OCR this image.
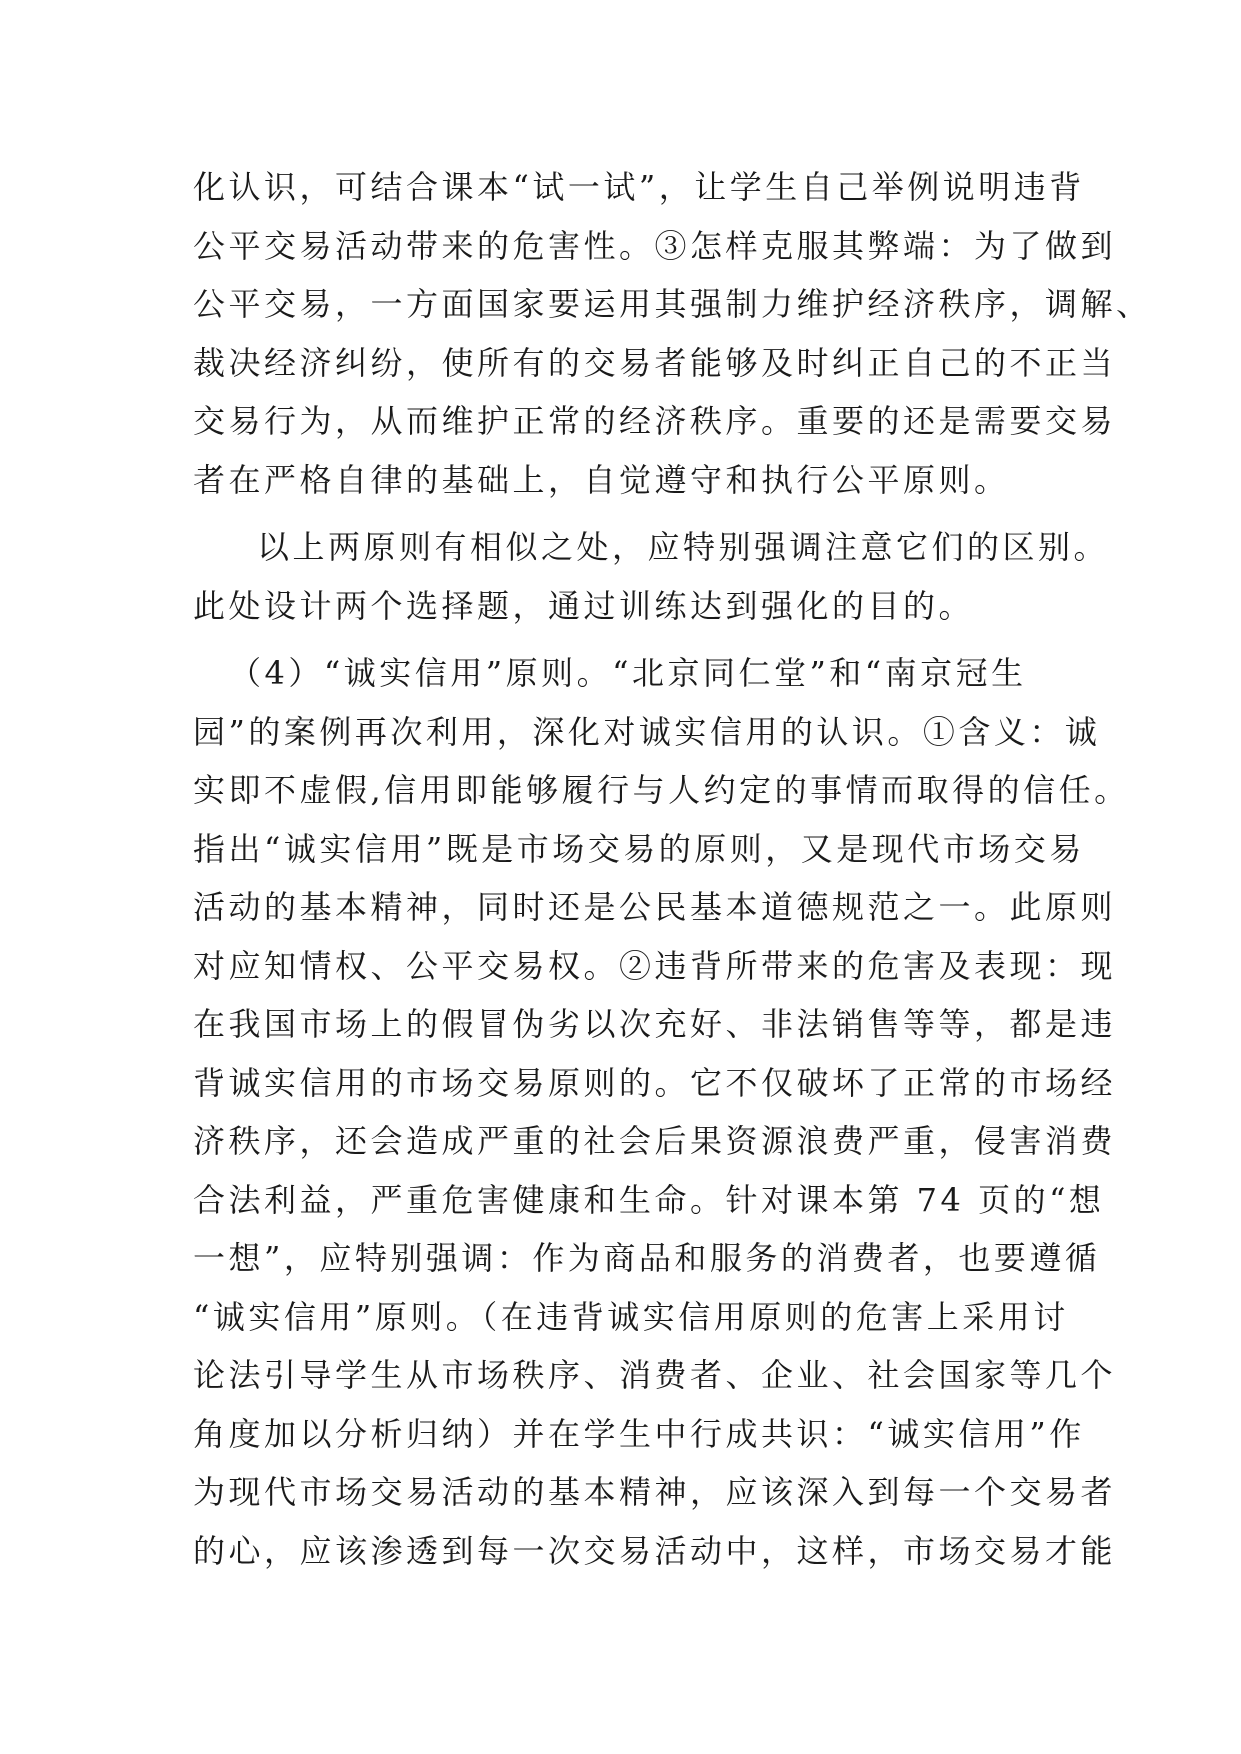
化认识，可结合课本“试一试”，让学生自己举例说明违背
公平交易活动带来的危害性。③怎样克服其弊端：为了做到
公平交易，一方面国家要运用其强制力维护经济秩序，调解、
裁决经济纠纷，使所有的交易者能够及时纠正自己的不正当
交易行为，从而维护正常的经济秩序。重要的还是需要交易
者在严格自律的基础上，自觉遵守和执行公平原则。
以上两原则有相似之处，应特别强调注意它们的区别。
此处设计两个选择题，通过训练达到强化的目的。
（4）“诚实信用”原则。“北京同仁堂”和“南京冠生
园”的案例再次利用，深化对诚实信用的认识。①含义：诚
实即不虚假,信用即能够履行与人约定的事情而取得的信任。
指出“诚实信用”既是市场交易的原则，又是现代市场交易
活动的基本精神，同时还是公民基本道德规范之一。此原则
对应知情权、公平交易权。②违背所带来的危害及表现：现
在我国市场上的假冒伪劣以次充好、非法销售等等，都是违
背诚实信用的市场交易原则的。它不仅破坏了正常的市场经
济秩序，还会造成严重的社会后果资源浪费严重，侵害消费
合法利益，严重危害健康和生命。针对课本第 74 页的“想
一想”，应特别强调：作为商品和服务的消费者，也要遵循
“诚实信用”原则。（在违背诚实信用原则的危害上采用讨
论法引导学生从市场秩序、消费者、企业、社会国家等几个
角度加以分析归纳）并在学生中行成共识：“诚实信用”作
为现代市场交易活动的基本精神，应该深入到每一个交易者
的心，应该渗透到每一次交易活动中，这样，市场交易才能
